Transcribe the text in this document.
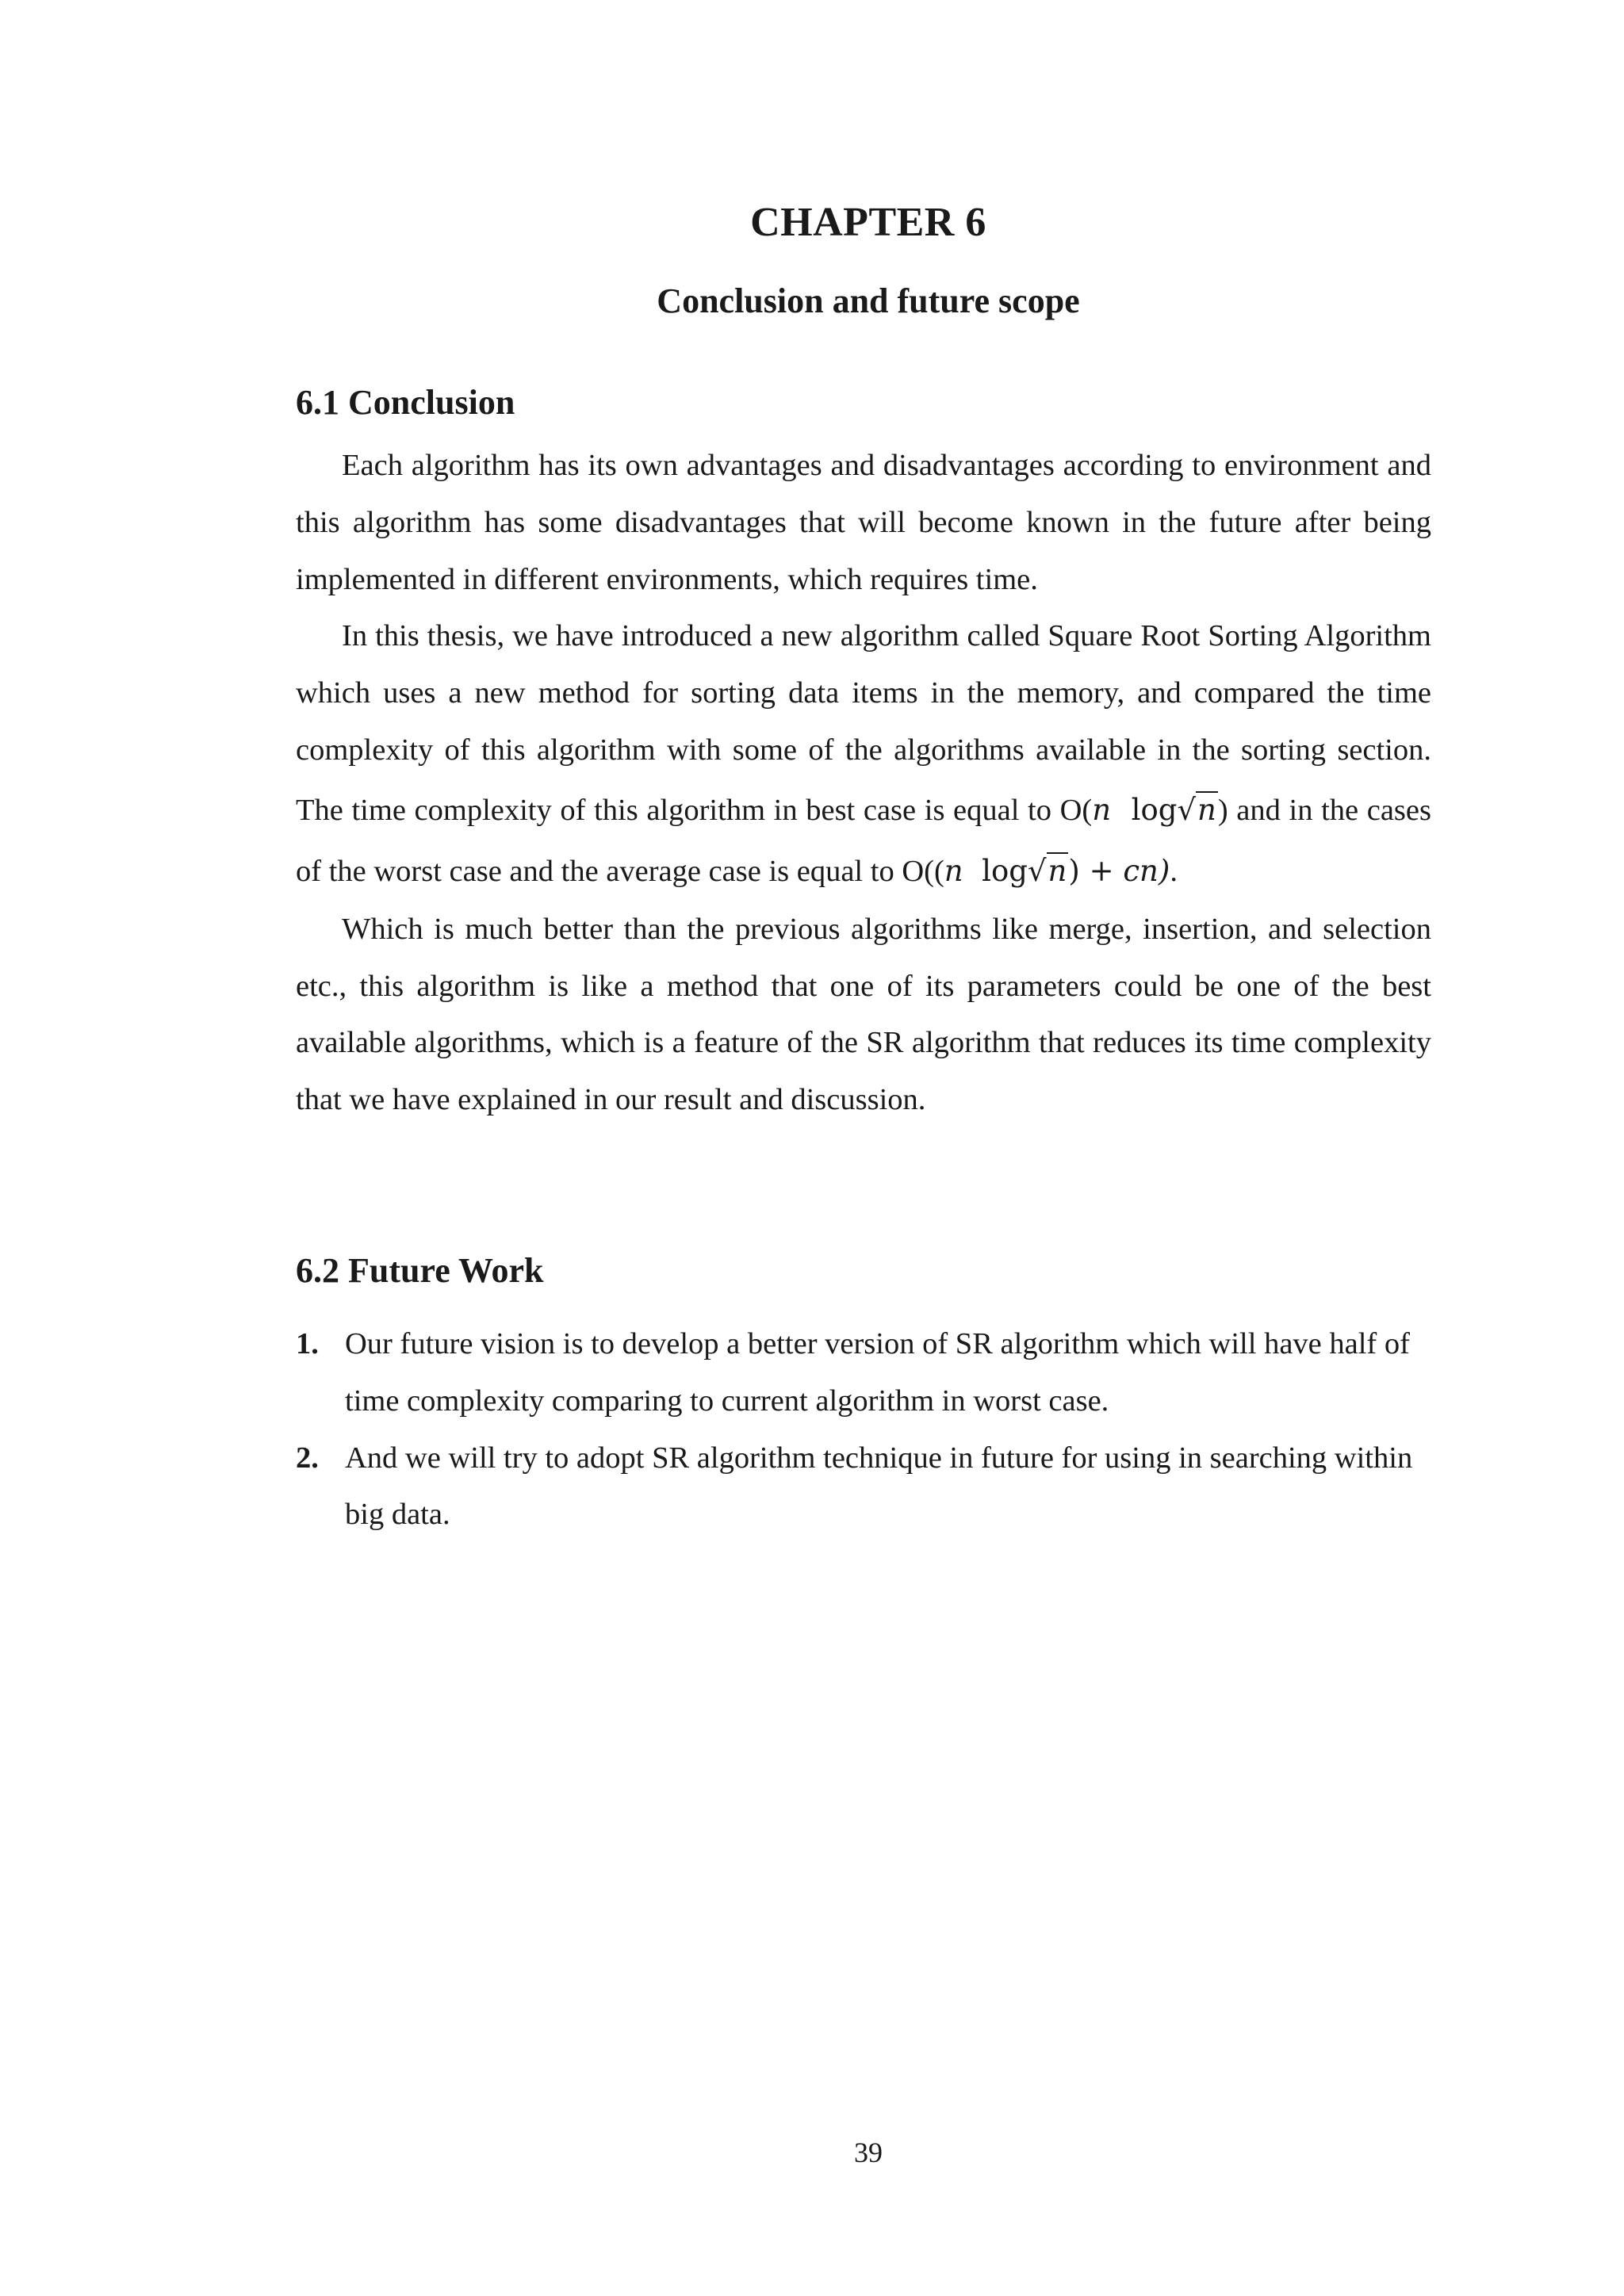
CHAPTER 6
Conclusion and future scope
6.1 Conclusion

Each algorithm has its own advantages and disadvantages according to environment and this algorithm has some disadvantages that will become known in the future after being implemented in different environments, which requires time.

In this thesis, we have introduced a new algorithm called Square Root Sorting Algorithm which uses a new method for sorting data items in the memory, and compared the time complexity of this algorithm with some of the algorithms available in the sorting section. The time complexity of this algorithm in best case is equal to O(n log√n) and in the cases of the worst case and the average case is equal to O((n log√n) + cn).

Which is much better than the previous algorithms like merge, insertion, and selection etc., this algorithm is like a method that one of its parameters could be one of the best available algorithms, which is a feature of the SR algorithm that reduces its time complexity that we have explained in our result and discussion.

6.2 Future Work
1. Our future vision is to develop a better version of SR algorithm which will have half of time complexity comparing to current algorithm in worst case.
2. And we will try to adopt SR algorithm technique in future for using in searching within big data.
39
